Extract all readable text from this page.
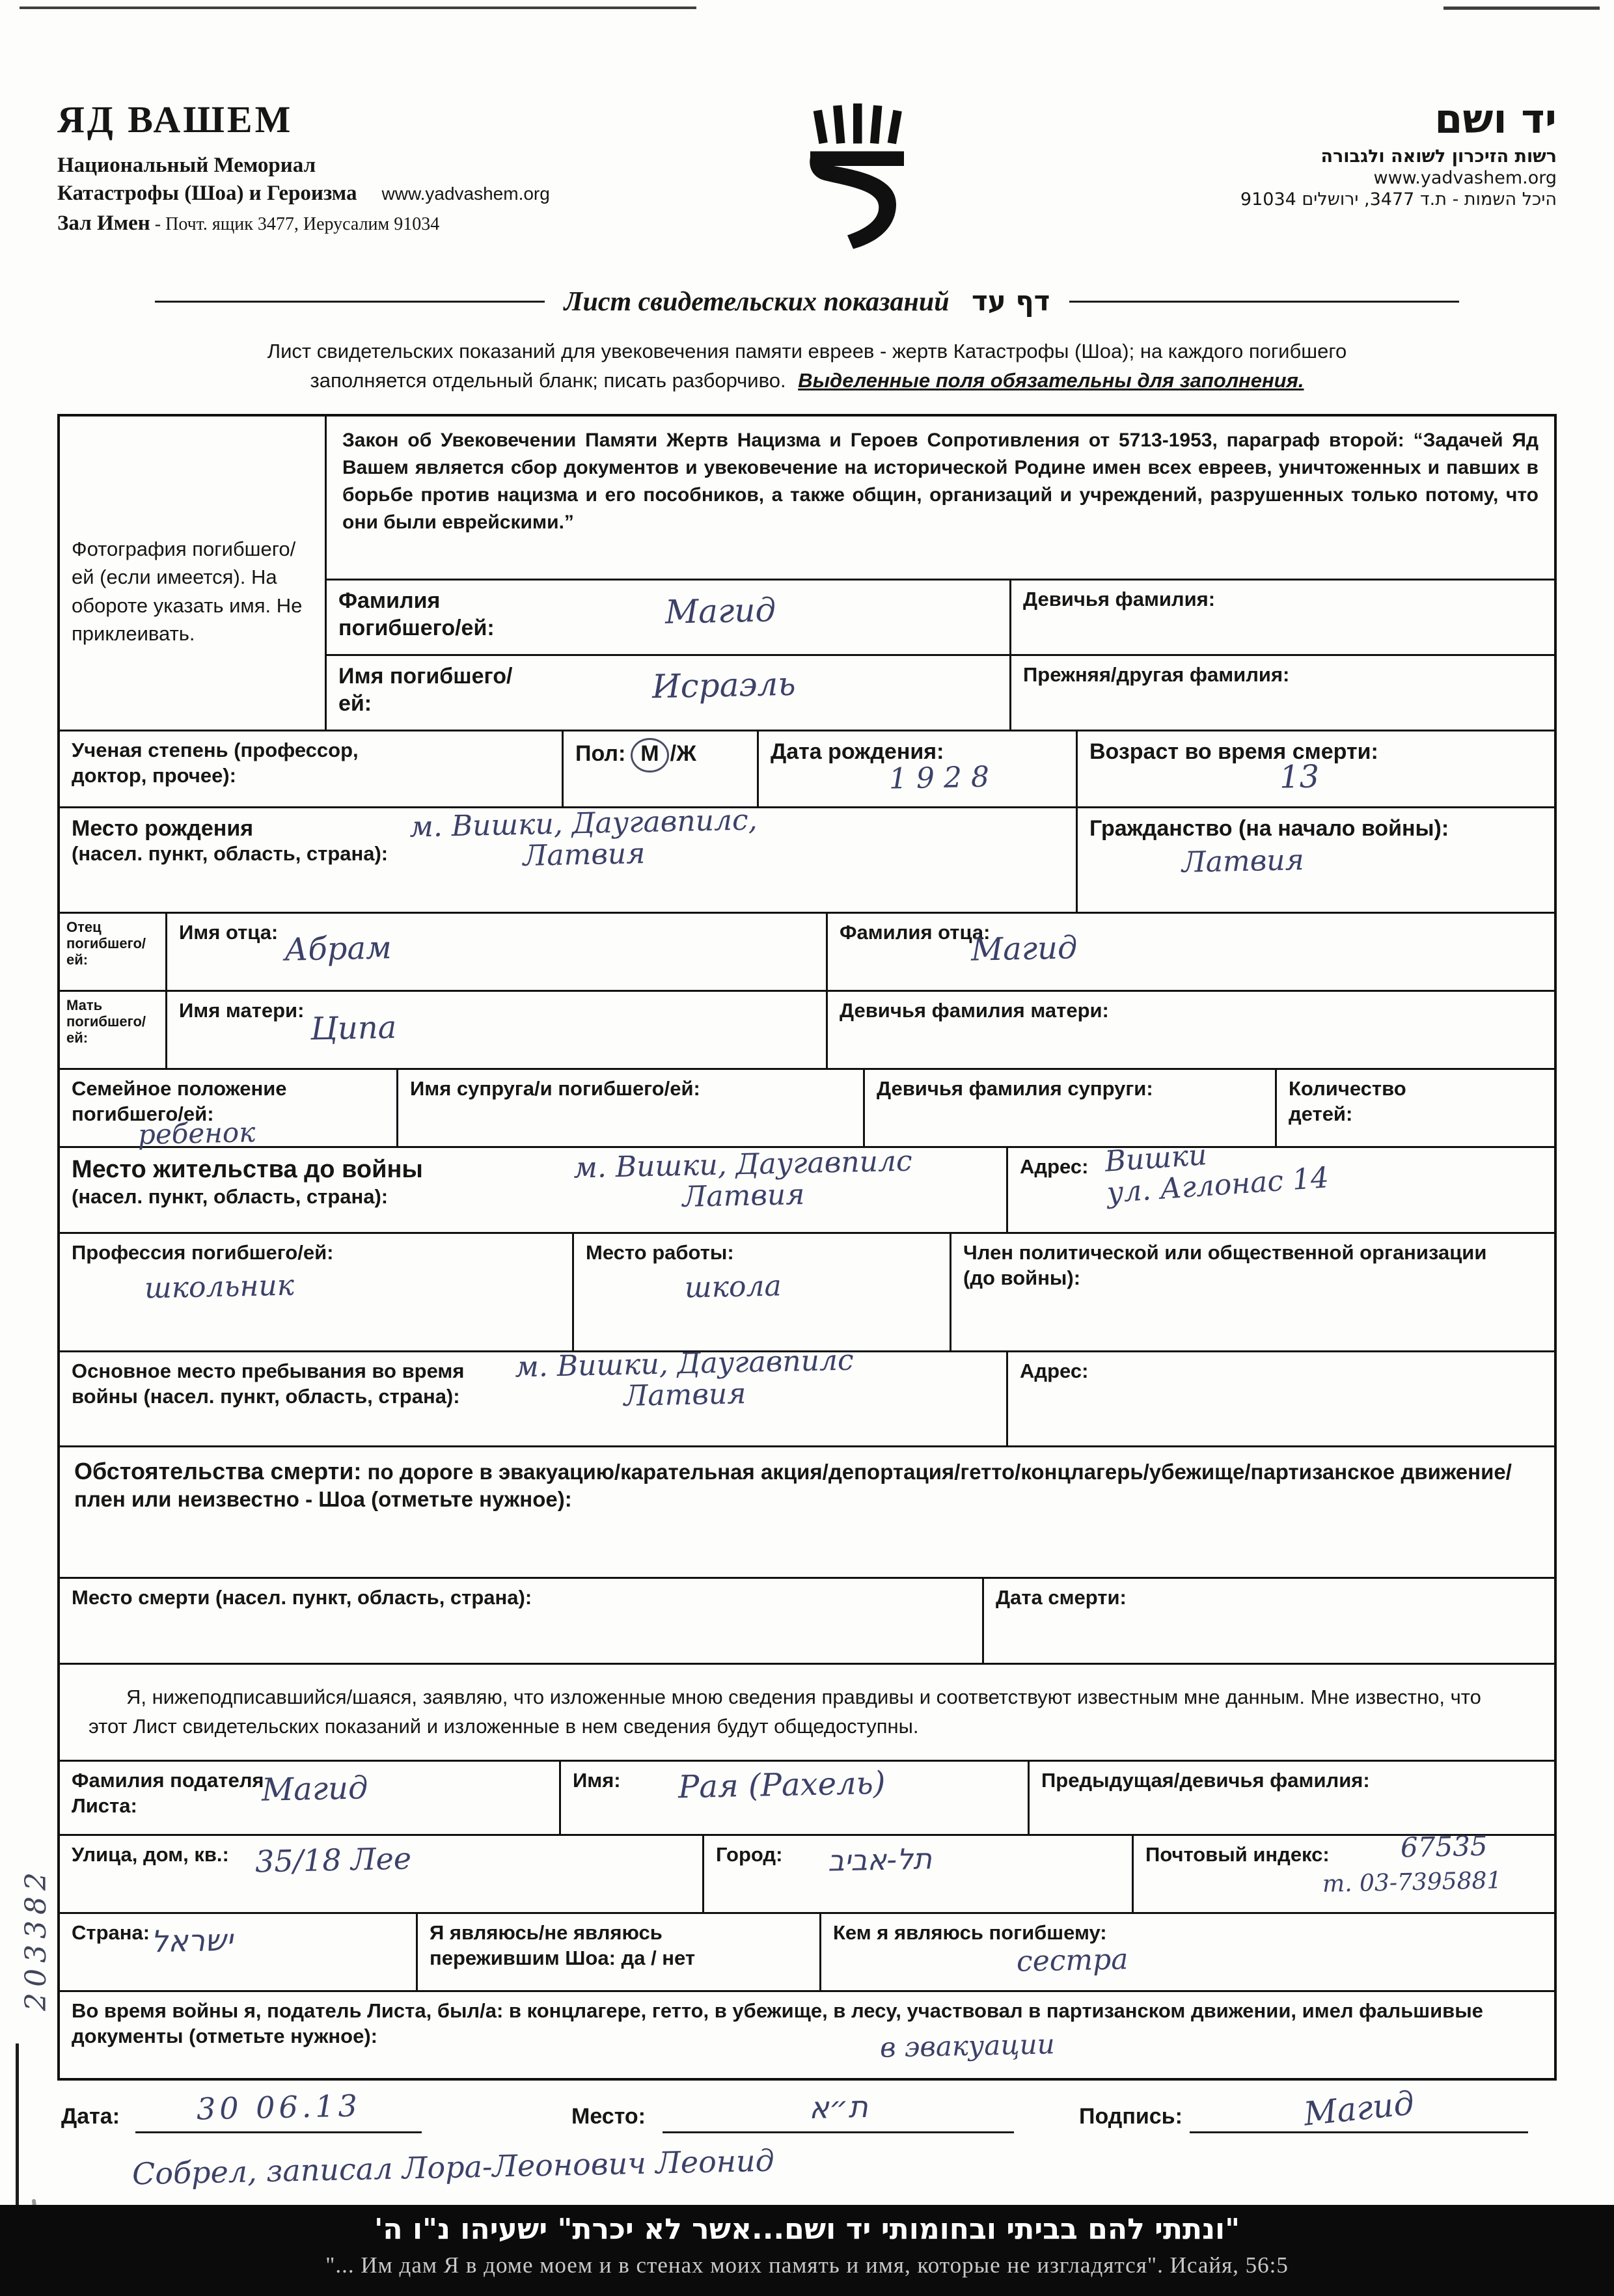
203382
ЯД ВАШЕМ
Национальный Мемориал
Катастрофы (Шоа) и Героизма www.yadvashem.org
Зал Имен - Почт. ящик 3477, Иерусалим 91034
יד ושם
רשות הזיכרון לשואה ולגבורה
www.yadvashem.org
היכל השמות - ת.ד 3477, ירושלים 91034
Лист свидетельских показаний דף עד
Лист свидетельских показаний для увековечения памяти евреев - жертв Катастрофы (Шоа); на каждого погибшего
заполняется отдельный бланк; писать разборчиво. Выделенные поля обязательны для заполнения.
Фотография погибшего/ей (если имеется). На обороте указать имя. Не приклеивать.
Закон об Увековечении Памяти Жертв Нацизма и Героев Сопротивления от 5713-1953, параграф второй: “Задачей Яд Вашем является сбор документов и увековечение на исторической Родине имен всех евреев, уничтоженных и павших в борьбе против нацизма и его пособников, а также общин, организаций и учреждений, разрушенных только потому, что они были еврейскими.”
Фамилия погибшего/ей:	Магид	Девичья фамилия:
Имя погибшего/ей:	Исраэль	Прежняя/другая фамилия:
Ученая степень (профессор, доктор, прочее):
Пол: М /Ж	Дата рождения:
1 9 2 8
Возраст во время смерти:
13
Место рождения
(насел. пункт, область, страна):
м. Вишки, Даугавпилс,
Латвия
Гражданство (на начало войны):
Латвия
Отец погибшего/ей:
Имя отца: Абрам	Фамилия отца:
Магид
Мать погибшего/ей:
Имя матери: Ципа	Девичья фамилия матери:
Семейное положение погибшего/ей:
ребенок
Имя супруга/и погибшего/ей:	Девичья фамилия супруги:	Количество детей:
Место жительства до войны
(насел. пункт, область, страна):
м. Вишки, Даугавпилс
Латвия
Адрес: Вишки
ул. Аглонас 14
Профессия погибшего/ей:
школьник
Место работы:
школа
Член политической или общественной организации (до войны):
Основное место пребывания во время войны (насел. пункт, область, страна):
м. Вишки, Даугавпилс
Латвия
Адрес:
Обстоятельства смерти: по дороге в эвакуацию/карательная акция/депортация/гетто/концлагерь/убежище/партизанское движение/плен или неизвестно - Шоа (отметьте нужное):
Место смерти (насел. пункт, область, страна):	Дата смерти:
Я, нижеподписавшийся/шаяся, заявляю, что изложенные мною сведения правдивы и соответствуют известным мне данным. Мне известно, что этот Лист свидетельских показаний и изложенные в нем сведения будут общедоступны.
Фамилия подателя Листа:	Магид	Имя: Рая (Рахель)	Предыдущая/девичья фамилия:
Улица, дом, кв.: 35/18 Лее	Город: תל-אביב	Почтовый индекс:	67535
т. 03-7395881
Страна: ישראל	Я являюсь/не являюсь пережившим Шоа: да / нет
Кем я являюсь погибшему:
сестра
Во время войны я, податель Листа, был/а: в концлагере, гетто, в убежище, в лесу, участвовал в партизанском движении, имел фальшивые документы (отметьте нужное):	в эвакуации
Дата:	30 06.13	Место:	ת״א	Подпись:	Магид
Собрел, записал Лора-Леонович Леонид
"ונתתי להם בביתי ובחומותי יד ושם...אשר לא יכרת" ישעיהו נ"ו ה'
"... Им дам Я в доме моем и в стенах моих память и имя, которые не изгладятся". Исайя, 56:5
